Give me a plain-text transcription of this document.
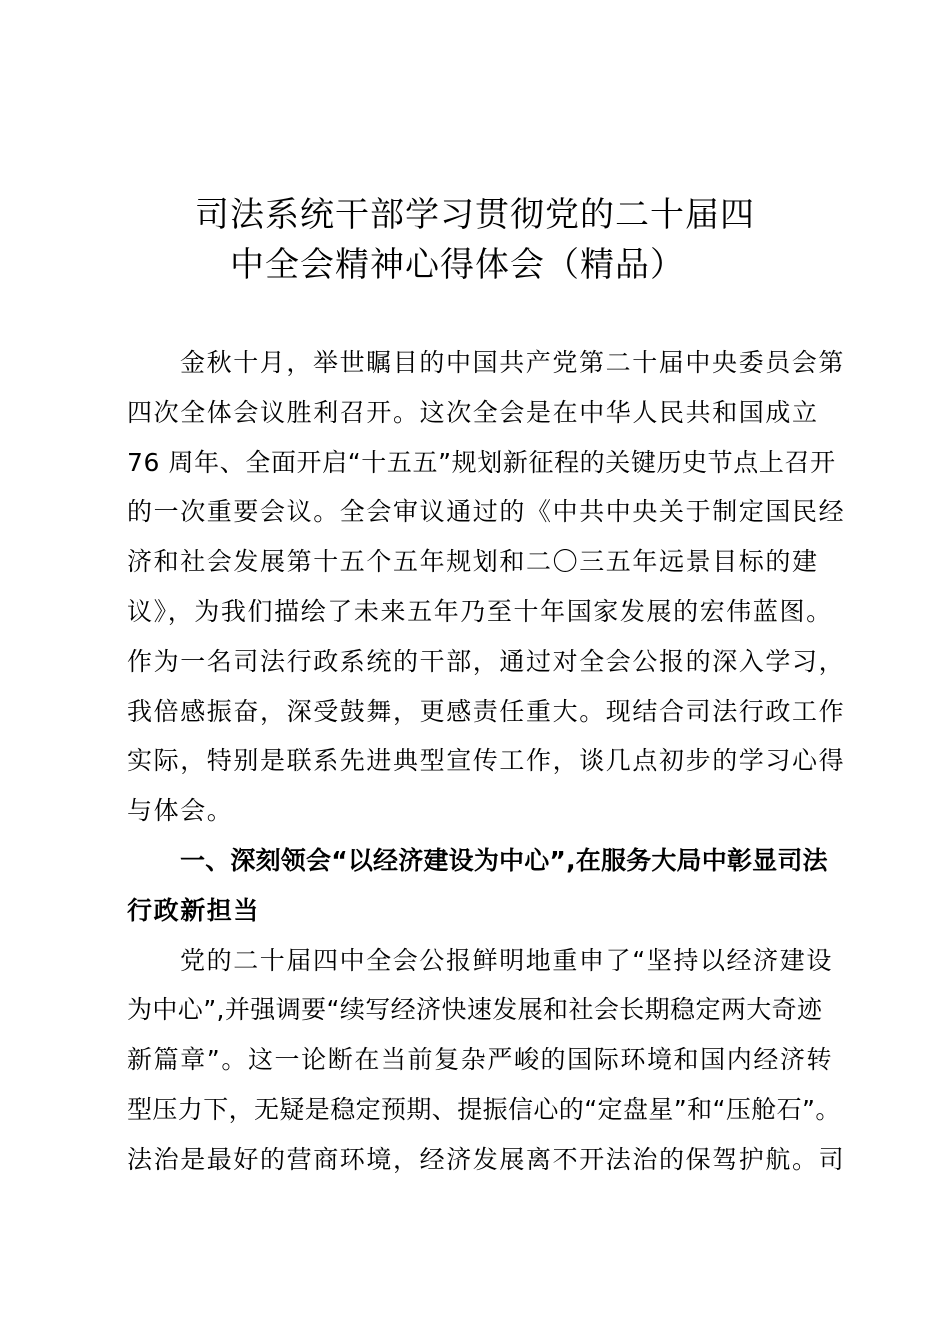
司法系统干部学习贯彻党的二十届四
中全会精神心得体会（精品）
金秋十月，举世瞩目的中国共产党第二十届中央委员会第
四次全体会议胜利召开。这次全会是在中华人民共和国成立
76 周年、全面开启“十五五”规划新征程的关键历史节点上召开
的一次重要会议。全会审议通过的《中共中央关于制定国民经
济和社会发展第十五个五年规划和二〇三五年远景目标的建
议》，为我们描绘了未来五年乃至十年国家发展的宏伟蓝图。
作为一名司法行政系统的干部，通过对全会公报的深入学习，
我倍感振奋，深受鼓舞，更感责任重大。现结合司法行政工作
实际，特别是联系先进典型宣传工作，谈几点初步的学习心得
与体会。
一、深刻领会“以经济建设为中心”,在服务大局中彰显司法
行政新担当
党的二十届四中全会公报鲜明地重申了“坚持以经济建设
为中心”,并强调要“续写经济快速发展和社会长期稳定两大奇迹
新篇章”。这一论断在当前复杂严峻的国际环境和国内经济转
型压力下，无疑是稳定预期、提振信心的“定盘星”和“压舱石”。
法治是最好的营商环境，经济发展离不开法治的保驾护航。司
